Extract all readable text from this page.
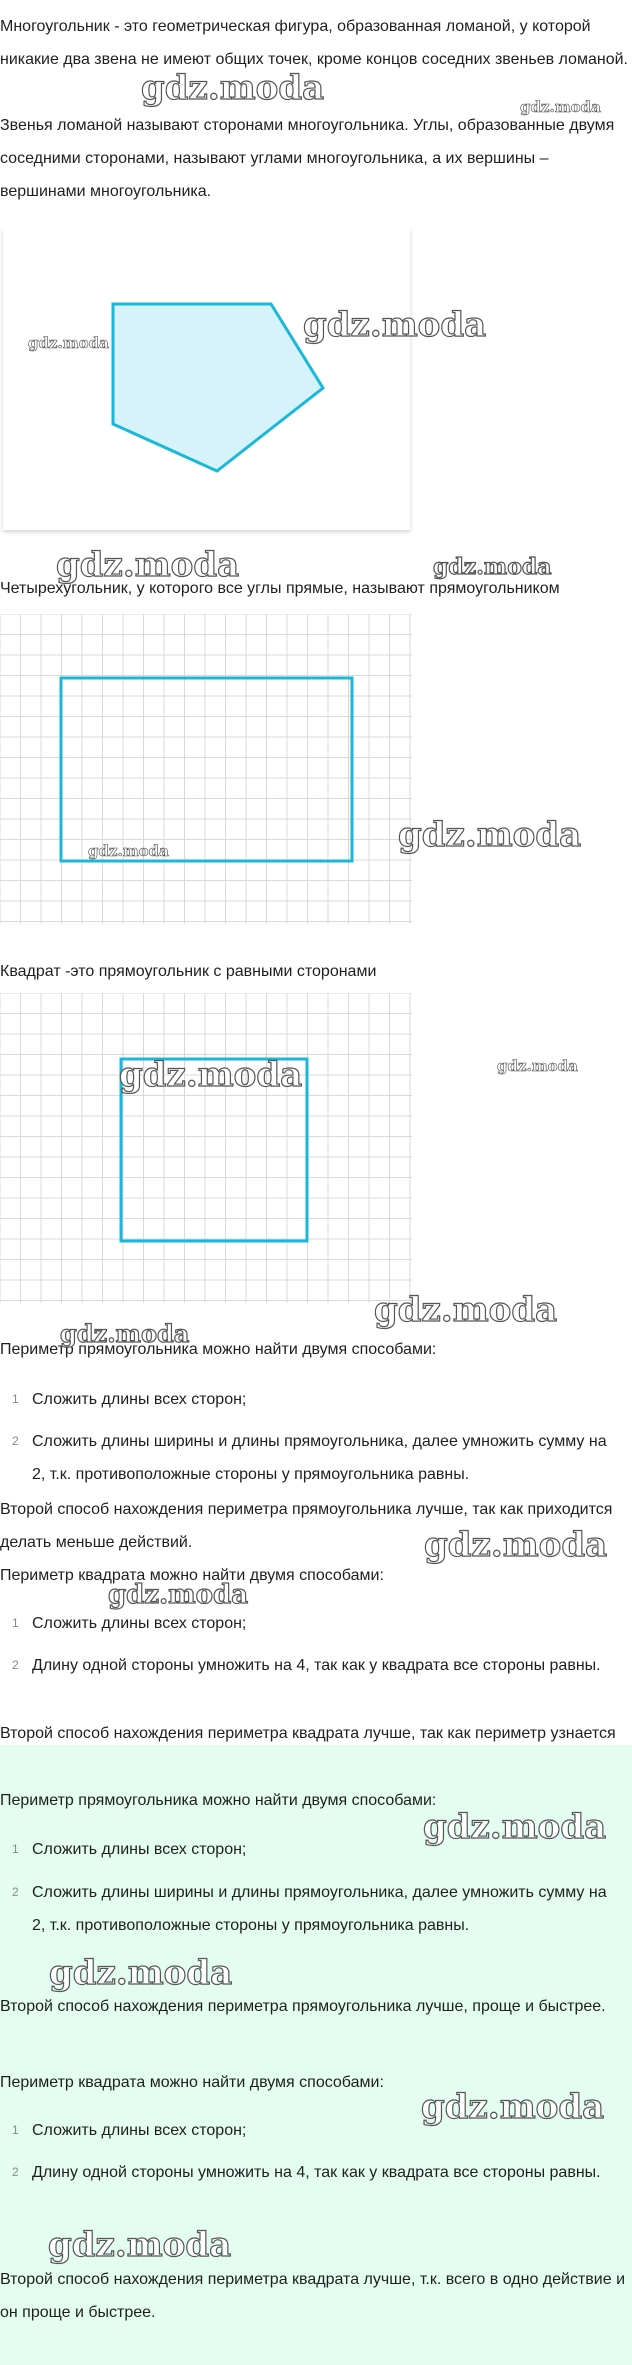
Многоугольник - это геометрическая фигура, образованная ломаной, у которой никакие два звена не имеют общих точек, кроме концов соседних звеньев ломаной.

Звенья ломаной называют сторонами многоугольника. Углы, образованные двумя соседними сторонами, называют углами многоугольника, а их вершины – вершинами многоугольника.

Четырехугольник, у которого все углы прямые, называют прямоугольником

Квадрат -это прямоугольник с равными сторонами

Периметр прямоугольника можно найти двумя способами:

1 Сложить длины всех сторон;
2 Сложить длины ширины и длины прямоугольника, далее умножить сумму на 2, т.к. противоположные стороны у прямоугольника равны.

Второй способ нахождения периметра прямоугольника лучше, так как приходится делать меньше действий.

Периметр квадрата можно найти двумя способами:

1 Сложить длины всех сторон;
2 Длину одной стороны умножить на 4, так как у квадрата все стороны равны.

Второй способ нахождения периметра квадрата лучше, так как периметр узнается

Периметр прямоугольника можно найти двумя способами:

1 Сложить длины всех сторон;
2 Сложить длины ширины и длины прямоугольника, далее умножить сумму на 2, т.к. противоположные стороны у прямоугольника равны.

Второй способ нахождения периметра прямоугольника лучше, проще и быстрее.

Периметр квадрата можно найти двумя способами:

1 Сложить длины всех сторон;
2 Длину одной стороны умножить на 4, так как у квадрата все стороны равны.

Второй способ нахождения периметра квадрата лучше, т.к. всего в одно действие и он проще и быстрее.

gdz.moda	gdz.moda
gdz.moda	gdz.moda
gdz.moda	gdz.moda
gdz.moda	gdz.moda
gdz.moda	gdz.moda
gdz.moda
gdz.moda
gdz.moda
gdz.moda
gdz.moda
gdz.moda
gdz.moda
gdz.moda
